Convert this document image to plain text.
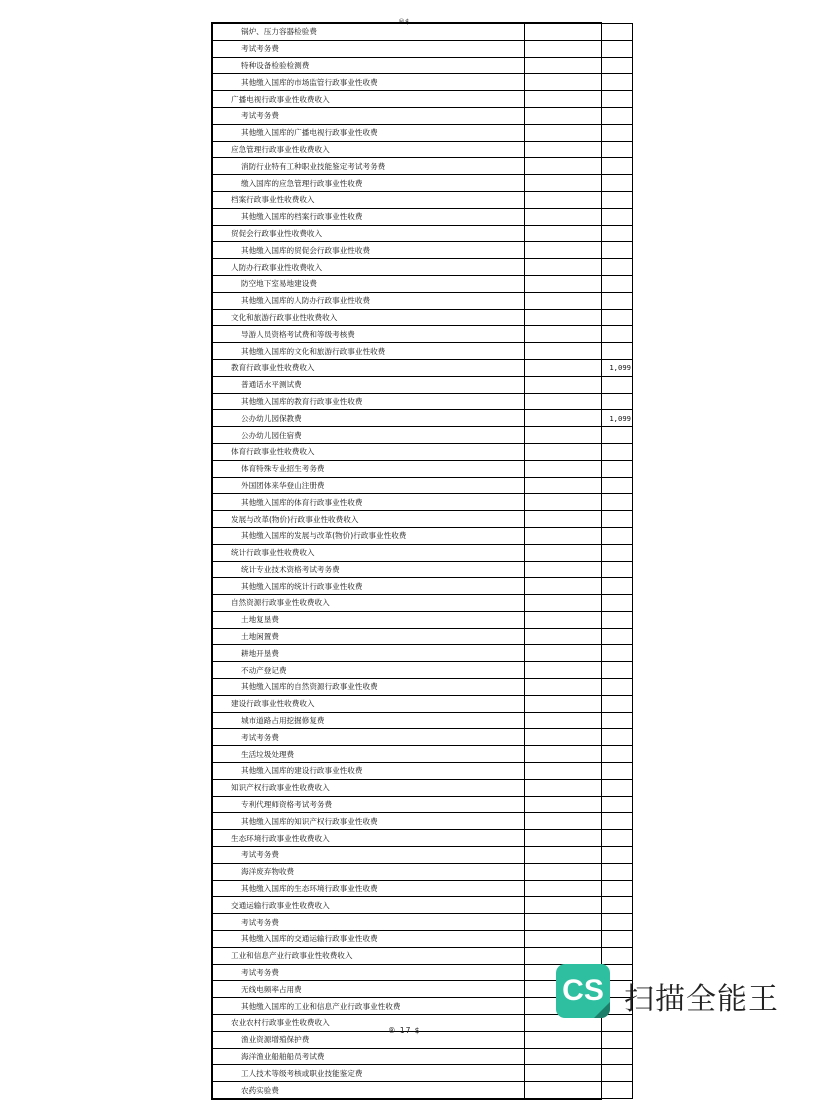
®$
锅炉、压力容器检验费	
考试考务费	
特种设备检验检测费	
其他缴入国库的市场监管行政事业性收费	
广播电视行政事业性收费收入	
考试考务费	
其他缴入国库的广播电视行政事业性收费	
应急管理行政事业性收费收入	
消防行业特有工种职业技能鉴定考试考务费	
缴入国库的应急管理行政事业性收费	
档案行政事业性收费收入	
其他缴入国库的档案行政事业性收费	
贸促会行政事业性收费收入	
其他缴入国库的贸促会行政事业性收费	
人防办行政事业性收费收入	
防空地下室易地建设费	
其他缴入国库的人防办行政事业性收费	
文化和旅游行政事业性收费收入	
导游人员资格考试费和等级考核费	
其他缴入国库的文化和旅游行政事业性收费	
教育行政事业性收费收入	1,099
普通话水平测试费	
其他缴入国库的教育行政事业性收费	
公办幼儿园保教费	1,099
公办幼儿园住宿费	
体育行政事业性收费收入	
体育特殊专业招生考务费	
外国团体来华登山注册费	
其他缴入国库的体育行政事业性收费	
发展与改革(物价)行政事业性收费收入	
其他缴入国库的发展与改革(物价)行政事业性收费	
统计行政事业性收费收入	
统计专业技术资格考试考务费	
其他缴入国库的统计行政事业性收费	
自然资源行政事业性收费收入	
土地复垦费	
土地闲置费	
耕地开垦费	
不动产登记费	
其他缴入国库的自然资源行政事业性收费	
建设行政事业性收费收入	
城市道路占用挖掘修复费	
考试考务费	
生活垃圾处理费	
其他缴入国库的建设行政事业性收费	
知识产权行政事业性收费收入	
专利代理师资格考试考务费	
其他缴入国库的知识产权行政事业性收费	
生态环境行政事业性收费收入	
考试考务费	
海洋废弃物收费	
其他缴入国库的生态环境行政事业性收费	
交通运输行政事业性收费收入	
考试考务费	
其他缴入国库的交通运输行政事业性收费	
工业和信息产业行政事业性收费收入	
考试考务费	
无线电频率占用费	
其他缴入国库的工业和信息产业行政事业性收费	
农业农村行政事业性收费收入	
渔业资源增殖保护费	
海洋渔业船舶船员考试费	
工人技术等级考核或职业技能鉴定费	
农药实验费	
® 17 $
CS 扫描全能王
